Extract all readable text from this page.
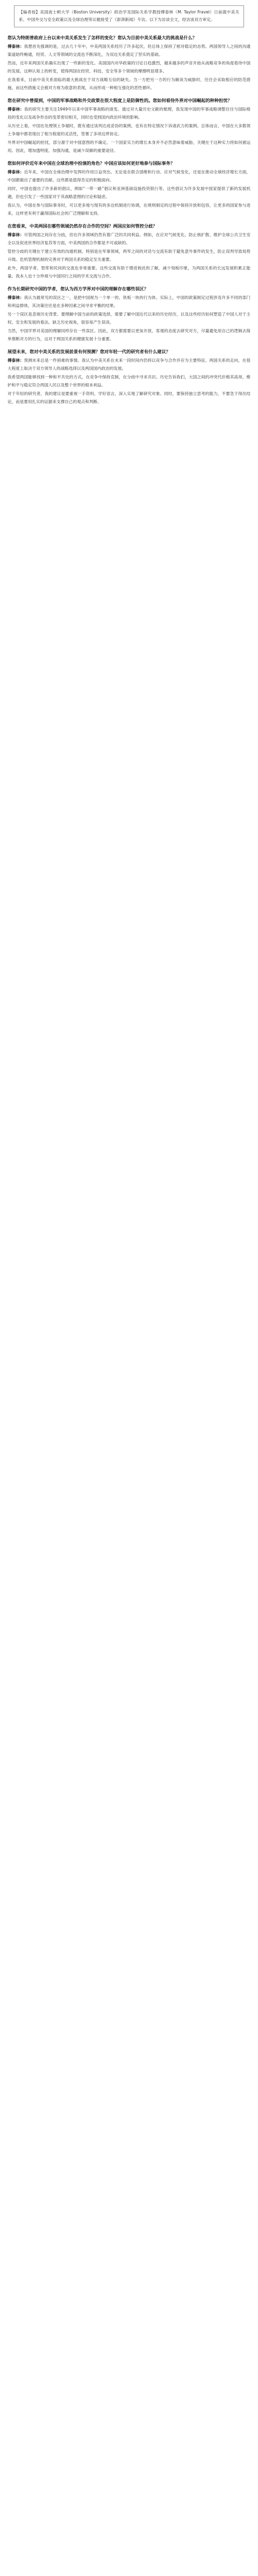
【编者按】美国波士顿大学（Boston University）政治学及国际关系学教授傅泰林（M. Taylor Fravel）日前就中美关系、中国外交与安全政策以及全球治理等议题接受了《澎湃新闻》专访。以下为访谈全文，经访谈双方审定。

您认为特朗普政府上台以来中美关系发生了怎样的变化？您认为目前中美关系最大的挑战是什么？

傅泰林：我想首先强调的是，过去几十年中，中美两国关系经历了许多起伏，但总体上保持了相对稳定的态势。两国领导人之间的沟通渠道始终畅通，经贸、人文等领域的交流也不断深化，为双边关系奠定了坚实的基础。

然而，近年来两国关系确实出现了一些新的变化。美国国内对华政策的讨论日趋激烈，越来越多的声音开始从战略竞争的角度看待中国的发展。这种认知上的转变，使得两国在经贸、科技、安全等多个领域的摩擦明显增多。

在我看来，目前中美关系面临的最大挑战在于双方战略互信的缺失。当一方把另一方的行为解读为威胁时，往往会采取相应的防范措施，而这些措施又会被对方视为敌意的表现，从而形成一种相互强化的恶性循环。

您在研究中曾提到，中国的军事战略和外交政策在很大程度上是防御性的。您如何看待外界对中国崛起的种种担忧？

傅泰林：我的研究主要关注1949年以来中国军事战略的演变。通过对大量历史文献的梳理，我发现中国的军事战略调整往往与国际格局的变化以及战争形态的变革密切相关，同时也受到国内政治环境的影响。

从历史上看，中国在处理领土争端时，既有通过谈判达成妥协的案例，也有在特定情况下诉诸武力的案例。总体而言，中国在大多数领土争端中都表现出了相当程度的灵活性，签署了多项边界协定。

外界对中国崛起的担忧，部分源于对中国意图的不确定。一个国家实力的增长本身并不必然意味着威胁，关键在于这种实力将如何被运用。因此，增加透明度、加强沟通，是减少误解的重要途径。

您如何评价近年来中国在全球治理中扮演的角色？中国应该如何更好地参与国际事务？

傅泰林：近年来，中国在全球治理中发挥的作用日益突出。无论是在联合国维和行动、应对气候变化，还是在推动全球经济增长方面，中国都做出了重要的贡献。这些都是值得肯定的积极面向。

同时，中国也提出了许多新的倡议，例如“一带一路”倡议和亚洲基础设施投资银行等。这些倡议为许多发展中国家提供了新的发展机遇，但也引发了一些国家对于其战略意图的讨论和疑虑。

我认为，中国在参与国际事务时，可以更多地与现有的多边机制进行协调，在规则制定的过程中保持开放和包容，让更多的国家参与进来，这样更有利于赢得国际社会的广泛理解和支持。

在您看来，中美两国在哪些领域仍然存在合作的空间？两国应如何管控分歧？

傅泰林：尽管两国之间存在分歧，但在许多领域仍然有着广泛的共同利益。例如，在应对气候变化、防止核扩散、维护全球公共卫生安全以及促进世界经济复苏等方面，中美两国的合作都是不可或缺的。

管控分歧的关键在于建立有效的沟通机制。特别是在军事领域，两军之间的对话与交流有助于避免意外事件的发生，防止误判导致局势升级。危机管理机制的完善对于两国关系的稳定至关重要。

此外，两国学者、智库和民间的交流也非常重要。这些交流有助于增进彼此的了解，减少刻板印象，为两国关系的长远发展积累正能量。我本人也十分珍视与中国同行之间的学术交流与合作。

作为长期研究中国的学者，您认为西方学界对中国的理解存在哪些误区？

傅泰林：我认为最常见的误区之一，是把中国视为一个单一的、铁板一块的行为体。实际上，中国的政策制定过程涉及许多不同的部门和利益群体，其决策往往是在多种因素之间寻求平衡的结果。

另一个误区是忽视历史背景。要理解中国当前的政策选择，需要了解中国近代以来的历史经历，以及这些经历如何塑造了中国人对于主权、安全和发展的看法。缺乏历史视角，很容易产生误读。

当然，中国学界对美国的理解同样存在一些误区。因此，双方都需要以更加开放、客观的态度去研究对方，尽量避免用自己的逻辑去简单推断对方的行为，这对于两国关系的健康发展十分重要。

展望未来，您对中美关系的发展前景有何预测？您对年轻一代的研究者有什么建议？

傅泰林：预测未来总是一件困难的事情。我认为中美关系在未来一段时间内仍将以竞争与合作并存为主要特征。两国关系的走向，在很大程度上取决于双方领导人的战略选择以及两国国内政治的发展。

我希望两国能够找到一种和平共处的方式，在竞争中保持克制，在分歧中寻求共识。历史告诉我们，大国之间的冲突代价极其高昂，维护和平与稳定符合两国人民以及整个世界的根本利益。

对于年轻的研究者，我的建议是要重视一手资料，学好语言，深入实地了解研究对象。同时，要保持独立思考的能力，不要急于得出结论，而是要用扎实的证据来支撑自己的观点和判断。
